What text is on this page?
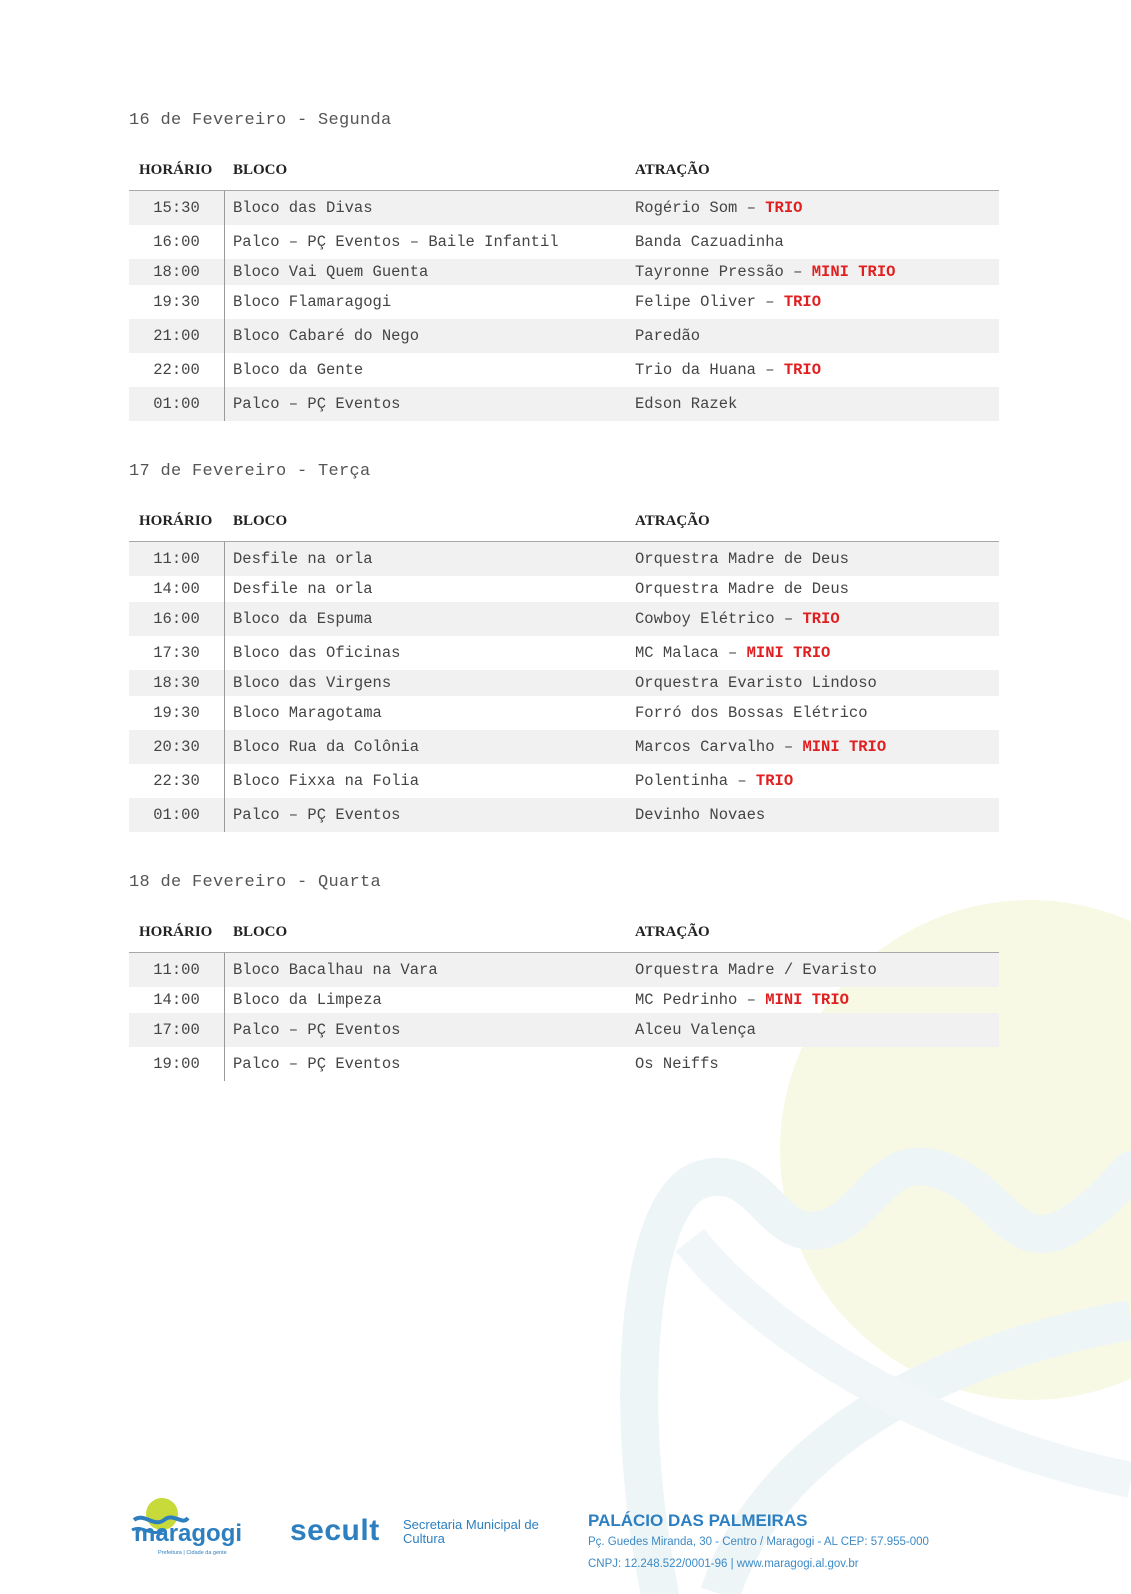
16 de Fevereiro - Segunda
HORÁRIO	BLOCO	ATRAÇÃO
15:30	Bloco das Divas	Rogério Som – TRIO
16:00	Palco – PÇ Eventos – Baile Infantil	Banda Cazuadinha
18:00	Bloco Vai Quem Guenta	Tayronne Pressão – MINI TRIO
19:30	Bloco Flamaragogi	Felipe Oliver – TRIO
21:00	Bloco Cabaré do Nego	Paredão
22:00	Bloco da Gente	Trio da Huana – TRIO
01:00	Palco – PÇ Eventos	Edson Razek
17 de Fevereiro - Terça
HORÁRIO	BLOCO	ATRAÇÃO
11:00	Desfile na orla	Orquestra Madre de Deus
14:00	Desfile na orla	Orquestra Madre de Deus
16:00	Bloco da Espuma	Cowboy Elétrico – TRIO
17:30	Bloco das Oficinas	MC Malaca – MINI TRIO
18:30	Bloco das Virgens	Orquestra Evaristo Lindoso
19:30	Bloco Maragotama	Forró dos Bossas Elétrico
20:30	Bloco Rua da Colônia	Marcos Carvalho – MINI TRIO
22:30	Bloco Fixxa na Folia	Polentinha – TRIO
01:00	Palco – PÇ Eventos	Devinho Novaes
18 de Fevereiro - Quarta
HORÁRIO	BLOCO	ATRAÇÃO
11:00	Bloco Bacalhau na Vara	Orquestra Madre / Evaristo
14:00	Bloco da Limpeza	MC Pedrinho – MINI TRIO
17:00	Palco – PÇ Eventos	Alceu Valença
19:00	Palco – PÇ Eventos	Os Neiffs
maragogi
Prefeitura | Cidade da gente
secult Secretaria Municipal de Cultura
PALÁCIO DAS PALMEIRAS
Pç. Guedes Miranda, 30 - Centro / Maragogi - AL CEP: 57.955-000
CNPJ: 12.248.522/0001-96 | www.maragogi.al.gov.br
